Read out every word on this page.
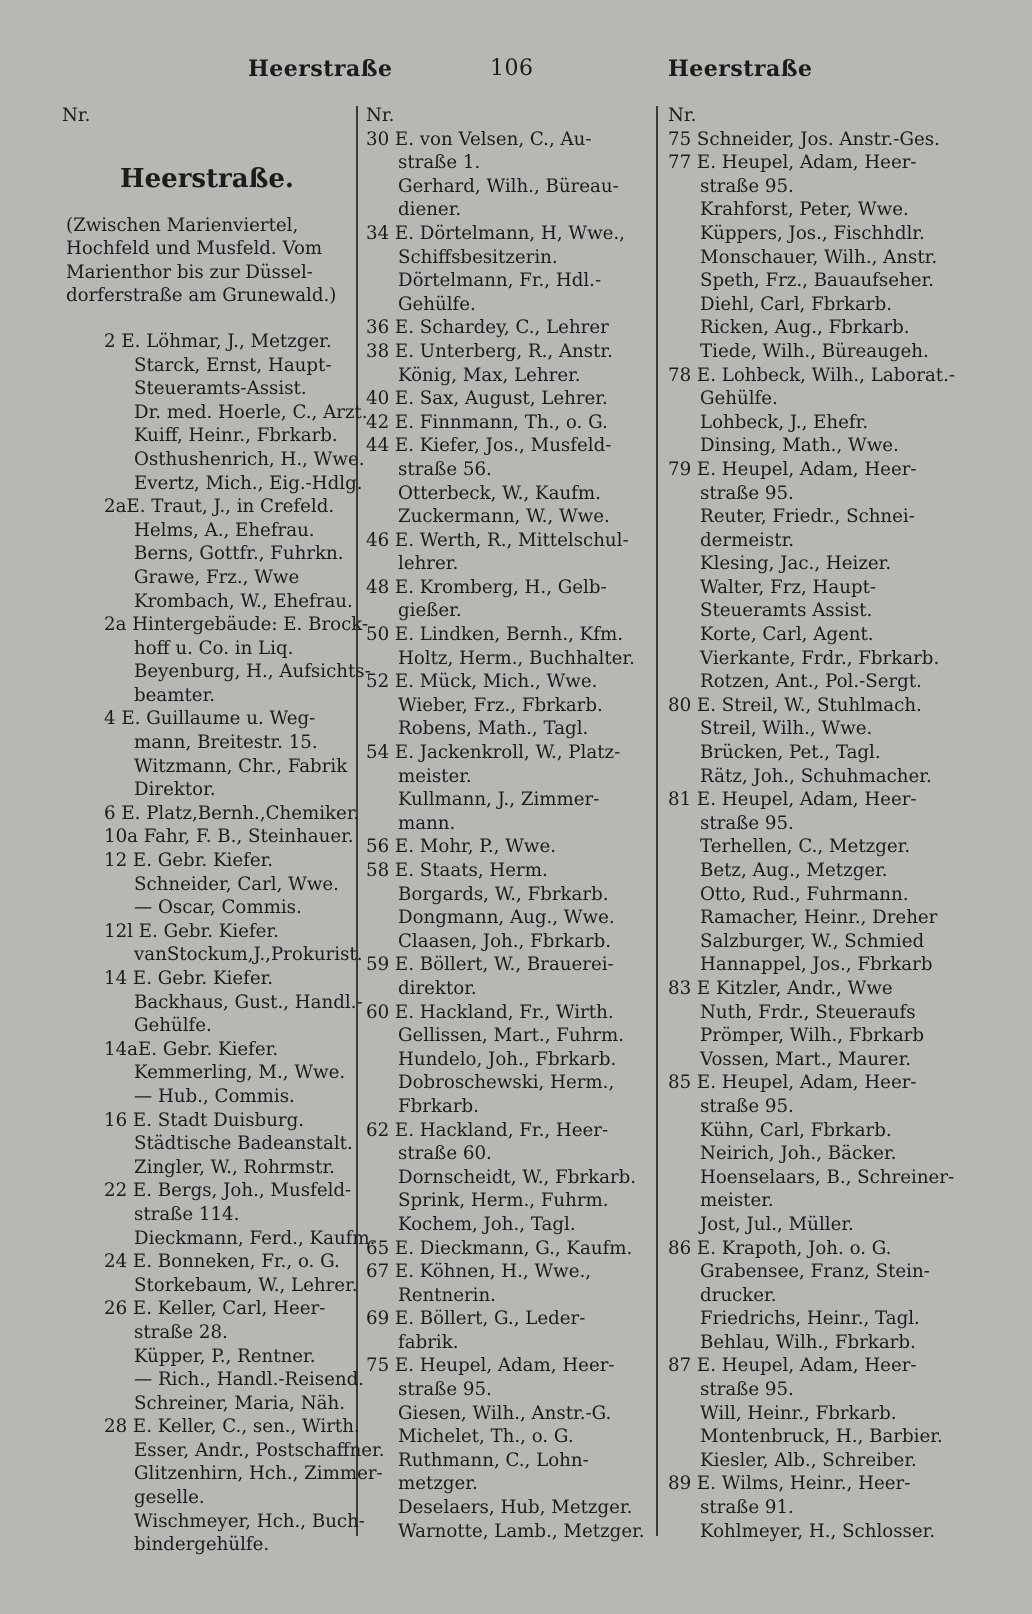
Heerstraße	106	Heerstraße
Nr.
Heerstraße.
(Zwischen Marienviertel,
Hochfeld und Musfeld. Vom
Marienthor bis zur Düssel-
dorferstraße am Grunewald.)
2 E. Löhmar, J., Metzger.
Starck, Ernst, Haupt-
Steueramts-Assist.
Dr. med. Hoerle, C., Arzt.
Kuiff, Heinr., Fbrkarb.
Osthushenrich, H., Wwe.
Evertz, Mich., Eig.-Hdlg.
2aE. Traut, J., in Crefeld.
Helms, A., Ehefrau.
Berns, Gottfr., Fuhrkn.
Grawe, Frz., Wwe
Krombach, W., Ehefrau.
2a Hintergebäude: E. Brock-
hoff u. Co. in Liq.
Beyenburg, H., Aufsichts-
beamter.
4 E. Guillaume u. Weg-
mann, Breitestr. 15.
Witzmann, Chr., Fabrik
Direktor.
6 E. Platz,Bernh.,Chemiker.
10a Fahr, F. B., Steinhauer.
12 E. Gebr. Kiefer.
Schneider, Carl, Wwe.
— Oscar, Commis.
12l E. Gebr. Kiefer.
vanStockum,J.,Prokurist.
14 E. Gebr. Kiefer.
Backhaus, Gust., Handl.-
Gehülfe.
14aE. Gebr. Kiefer.
Kemmerling, M., Wwe.
— Hub., Commis.
16 E. Stadt Duisburg.
Städtische Badeanstalt.
Zingler, W., Rohrmstr.
22 E. Bergs, Joh., Musfeld-
straße 114.
Dieckmann, Ferd., Kaufm.
24 E. Bonneken, Fr., o. G.
Storkebaum, W., Lehrer.
26 E. Keller, Carl, Heer-
straße 28.
Küpper, P., Rentner.
— Rich., Handl.-Reisend.
Schreiner, Maria, Näh.
28 E. Keller, C., sen., Wirth.
Esser, Andr., Postschaffner.
Glitzenhirn, Hch., Zimmer-
geselle.
Wischmeyer, Hch., Buch-
bindergehülfe.
Nr.
30 E. von Velsen, C., Au-
straße 1.
Gerhard, Wilh., Büreau-
diener.
34 E. Dörtelmann, H, Wwe.,
Schiffsbesitzerin.
Dörtelmann, Fr., Hdl.-
Gehülfe.
36 E. Schardey, C., Lehrer
38 E. Unterberg, R., Anstr.
König, Max, Lehrer.
40 E. Sax, August, Lehrer.
42 E. Finnmann, Th., o. G.
44 E. Kiefer, Jos., Musfeld-
straße 56.
Otterbeck, W., Kaufm.
Zuckermann, W., Wwe.
46 E. Werth, R., Mittelschul-
lehrer.
48 E. Kromberg, H., Gelb-
gießer.
50 E. Lindken, Bernh., Kfm.
Holtz, Herm., Buchhalter.
52 E. Mück, Mich., Wwe.
Wieber, Frz., Fbrkarb.
Robens, Math., Tagl.
54 E. Jackenkroll, W., Platz-
meister.
Kullmann, J., Zimmer-
mann.
56 E. Mohr, P., Wwe.
58 E. Staats, Herm.
Borgards, W., Fbrkarb.
Dongmann, Aug., Wwe.
Claasen, Joh., Fbrkarb.
59 E. Böllert, W., Brauerei-
direktor.
60 E. Hackland, Fr., Wirth.
Gellissen, Mart., Fuhrm.
Hundelo, Joh., Fbrkarb.
Dobroschewski, Herm.,
Fbrkarb.
62 E. Hackland, Fr., Heer-
straße 60.
Dornscheidt, W., Fbrkarb.
Sprink, Herm., Fuhrm.
Kochem, Joh., Tagl.
65 E. Dieckmann, G., Kaufm.
67 E. Köhnen, H., Wwe.,
Rentnerin.
69 E. Böllert, G., Leder-
fabrik.
75 E. Heupel, Adam, Heer-
straße 95.
Giesen, Wilh., Anstr.-G.
Michelet, Th., o. G.
Ruthmann, C., Lohn-
metzger.
Deselaers, Hub, Metzger.
Warnotte, Lamb., Metzger.
Nr.
75 Schneider, Jos. Anstr.-Ges.
77 E. Heupel, Adam, Heer-
straße 95.
Krahforst, Peter, Wwe.
Küppers, Jos., Fischhdlr.
Monschauer, Wilh., Anstr.
Speth, Frz., Bauaufseher.
Diehl, Carl, Fbrkarb.
Ricken, Aug., Fbrkarb.
Tiede, Wilh., Büreaugeh.
78 E. Lohbeck, Wilh., Laborat.-
Gehülfe.
Lohbeck, J., Ehefr.
Dinsing, Math., Wwe.
79 E. Heupel, Adam, Heer-
straße 95.
Reuter, Friedr., Schnei-
dermeistr.
Klesing, Jac., Heizer.
Walter, Frz, Haupt-
Steueramts Assist.
Korte, Carl, Agent.
Vierkante, Frdr., Fbrkarb.
Rotzen, Ant., Pol.-Sergt.
80 E. Streil, W., Stuhlmach.
Streil, Wilh., Wwe.
Brücken, Pet., Tagl.
Rätz, Joh., Schuhmacher.
81 E. Heupel, Adam, Heer-
straße 95.
Terhellen, C., Metzger.
Betz, Aug., Metzger.
Otto, Rud., Fuhrmann.
Ramacher, Heinr., Dreher
Salzburger, W., Schmied
Hannappel, Jos., Fbrkarb
83 E Kitzler, Andr., Wwe
Nuth, Frdr., Steueraufs
Prömper, Wilh., Fbrkarb
Vossen, Mart., Maurer.
85 E. Heupel, Adam, Heer-
straße 95.
Kühn, Carl, Fbrkarb.
Neirich, Joh., Bäcker.
Hoenselaars, B., Schreiner-
meister.
Jost, Jul., Müller.
86 E. Krapoth, Joh. o. G.
Grabensee, Franz, Stein-
drucker.
Friedrichs, Heinr., Tagl.
Behlau, Wilh., Fbrkarb.
87 E. Heupel, Adam, Heer-
straße 95.
Will, Heinr., Fbrkarb.
Montenbruck, H., Barbier.
Kiesler, Alb., Schreiber.
89 E. Wilms, Heinr., Heer-
straße 91.
Kohlmeyer, H., Schlosser.
